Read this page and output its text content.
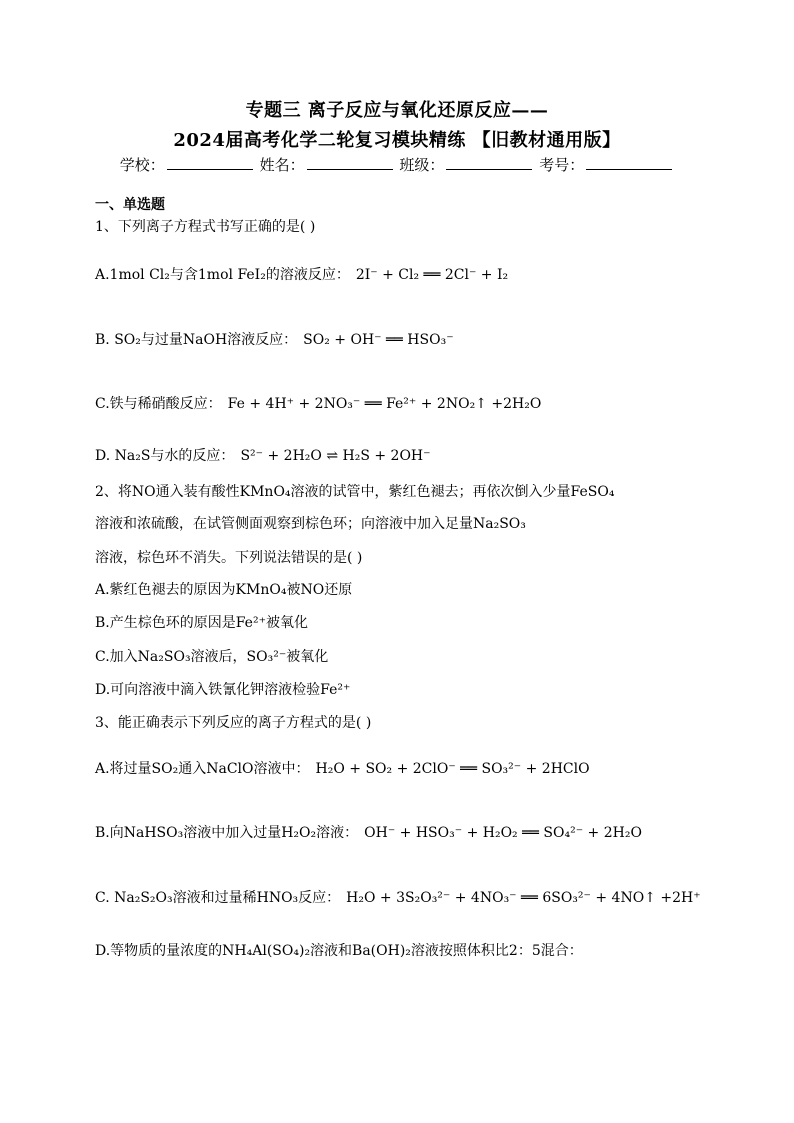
专题三 离子反应与氧化还原反应——
2024届高考化学二轮复习模块精练 【旧教材通用版】
学校：	姓名：	班级：	考号：
一、单选题
1、下列离子方程式书写正确的是( )
A.1mol Cl₂与含1mol FeI₂的溶液反应： 2I⁻ + Cl₂ ══ 2Cl⁻ + I₂
B. SO₂与过量NaOH溶液反应： SO₂ + OH⁻ ══ HSO₃⁻
C.铁与稀硝酸反应： Fe + 4H⁺ + 2NO₃⁻ ══ Fe²⁺ + 2NO₂↑ +2H₂O
D. Na₂S与水的反应： S²⁻ + 2H₂O ⇌ H₂S + 2OH⁻
2、将NO通入装有酸性KMnO₄溶液的试管中，紫红色褪去；再依次倒入少量FeSO₄
溶液和浓硫酸，在试管侧面观察到棕色环；向溶液中加入足量Na₂SO₃
溶液，棕色环不消失。下列说法错误的是( )
A.紫红色褪去的原因为KMnO₄被NO还原
B.产生棕色环的原因是Fe²⁺被氧化
C.加入Na₂SO₃溶液后，SO₃²⁻被氧化
D.可向溶液中滴入铁氰化钾溶液检验Fe²⁺
3、能正确表示下列反应的离子方程式的是( )
A.将过量SO₂通入NaClO溶液中： H₂O + SO₂ + 2ClO⁻ ══ SO₃²⁻ + 2HClO
B.向NaHSO₃溶液中加入过量H₂O₂溶液： OH⁻ + HSO₃⁻ + H₂O₂ ══ SO₄²⁻ + 2H₂O
C. Na₂S₂O₃溶液和过量稀HNO₃反应： H₂O + 3S₂O₃²⁻ + 4NO₃⁻ ══ 6SO₃²⁻ + 4NO↑ +2H⁺
D.等物质的量浓度的NH₄Al(SO₄)₂溶液和Ba(OH)₂溶液按照体积比2：5混合：
